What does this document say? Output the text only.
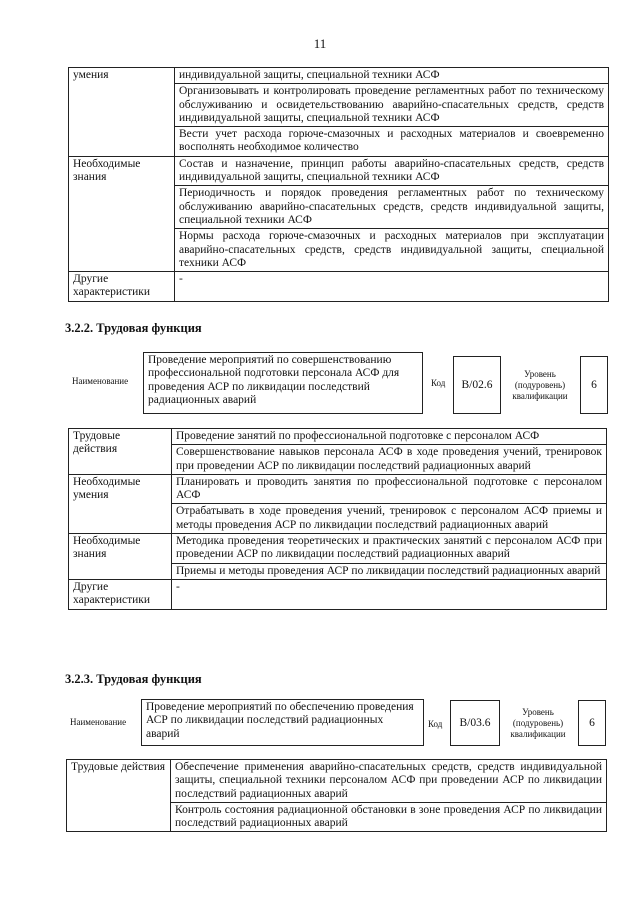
11
умения	индивидуальной защиты, специальной техники АСФ
	Организовывать и контролировать проведение регламентных работ по техническому обслуживанию и освидетельствованию аварийно-спасательных средств, средств индивидуальной защиты, специальной техники АСФ
	Вести учет расхода горюче-смазочных и расходных материалов и своевременно восполнять необходимое количество
Необходимые знания	Состав и назначение, принцип работы аварийно-спасательных средств, средств индивидуальной защиты, специальной техники АСФ
	Периодичность и порядок проведения регламентных работ по техническому обслуживанию аварийно-спасательных средств, средств индивидуальной защиты, специальной техники АСФ
	Нормы расхода горюче-смазочных и расходных материалов при эксплуатации аварийно-спасательных средств, средств индивидуальной защиты, специальной техники АСФ
Другие характеристики	-
3.2.2. Трудовая функция
Наименование
Проведение мероприятий по совершенствованию профессиональной подготовки персонала АСФ для проведения АСР по ликвидации последствий радиационных аварий
Код	B/02.6
Уровень (подуровень) квалификации
6
Трудовые действия	Проведение занятий по профессиональной подготовке с персоналом АСФ
	Совершенствование навыков персонала АСФ в ходе проведения учений, тренировок при проведении АСР по ликвидации последствий радиационных аварий
Необходимые умения	Планировать и проводить занятия по профессиональной подготовке с персоналом АСФ
	Отрабатывать в ходе проведения учений, тренировок с персоналом АСФ приемы и методы проведения АСР по ликвидации последствий радиационных аварий
Необходимые знания	Методика проведения теоретических и практических занятий с персоналом АСФ при проведении АСР по ликвидации последствий радиационных аварий
	Приемы и методы проведения АСР по ликвидации последствий радиационных аварий
Другие характеристики	-
3.2.3. Трудовая функция
Наименование
Проведение мероприятий по обеспечению проведения АСР по ликвидации последствий радиационных аварий
Код	B/03.6
Уровень (подуровень) квалификации
6
Трудовые действия	Обеспечение применения аварийно-спасательных средств, средств индивидуальной защиты, специальной техники персоналом АСФ при проведении АСР по ликвидации последствий радиационных аварий
Контроль состояния радиационной обстановки в зоне проведения АСР по ликвидации последствий радиационных аварий
